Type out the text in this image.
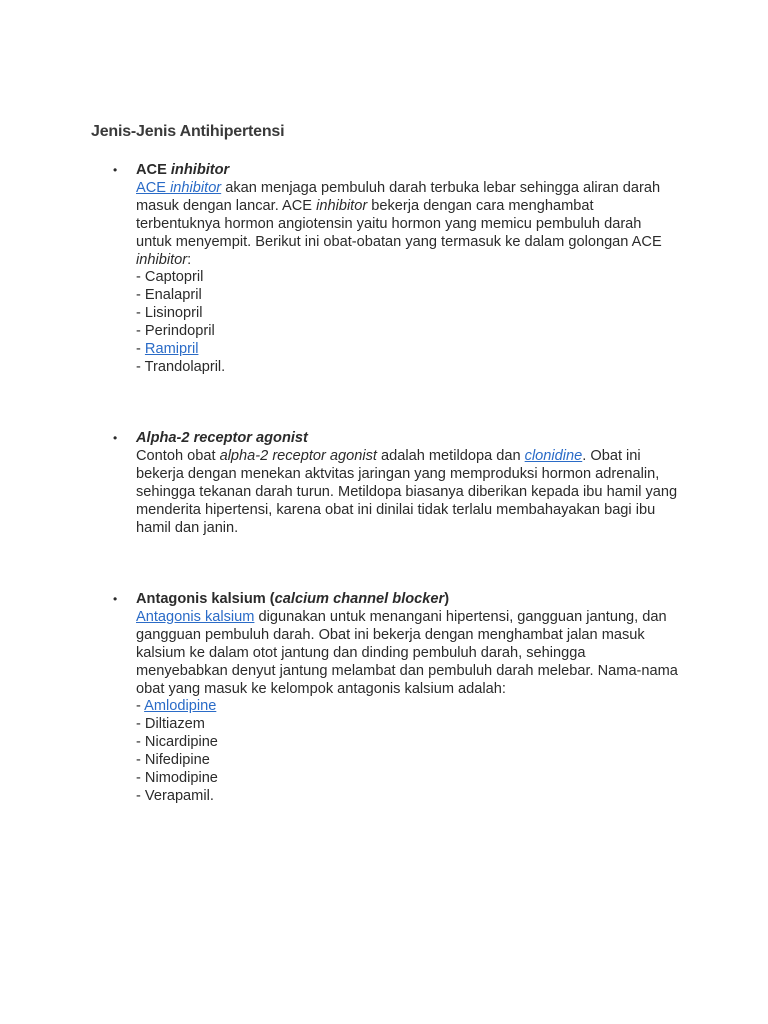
Jenis-Jenis Antihipertensi
• ACE inhibitor

ACE inhibitor akan menjaga pembuluh darah terbuka lebar sehingga aliran darah masuk dengan lancar. ACE inhibitor bekerja dengan cara menghambat terbentuknya hormon angiotensin yaitu hormon yang memicu pembuluh darah untuk menyempit. Berikut ini obat-obatan yang termasuk ke dalam golongan ACE inhibitor:

- Captopril
- Enalapril
- Lisinopril
- Perindopril
- Ramipril
- Trandolapril.
• Alpha-2 receptor agonist

Contoh obat alpha-2 receptor agonist adalah metildopa dan clonidine. Obat ini bekerja dengan menekan aktvitas jaringan yang memproduksi hormon adrenalin, sehingga tekanan darah turun. Metildopa biasanya diberikan kepada ibu hamil yang menderita hipertensi, karena obat ini dinilai tidak terlalu membahayakan bagi ibu hamil dan janin.

• Antagonis kalsium (calcium channel blocker)

Antagonis kalsium digunakan untuk menangani hipertensi, gangguan jantung, dan gangguan pembuluh darah. Obat ini bekerja dengan menghambat jalan masuk kalsium ke dalam otot jantung dan dinding pembuluh darah, sehingga menyebabkan denyut jantung melambat dan pembuluh darah melebar. Nama-nama obat yang masuk ke kelompok antagonis kalsium adalah:

- Amlodipine
- Diltiazem
- Nicardipine
- Nifedipine
- Nimodipine
- Verapamil.
